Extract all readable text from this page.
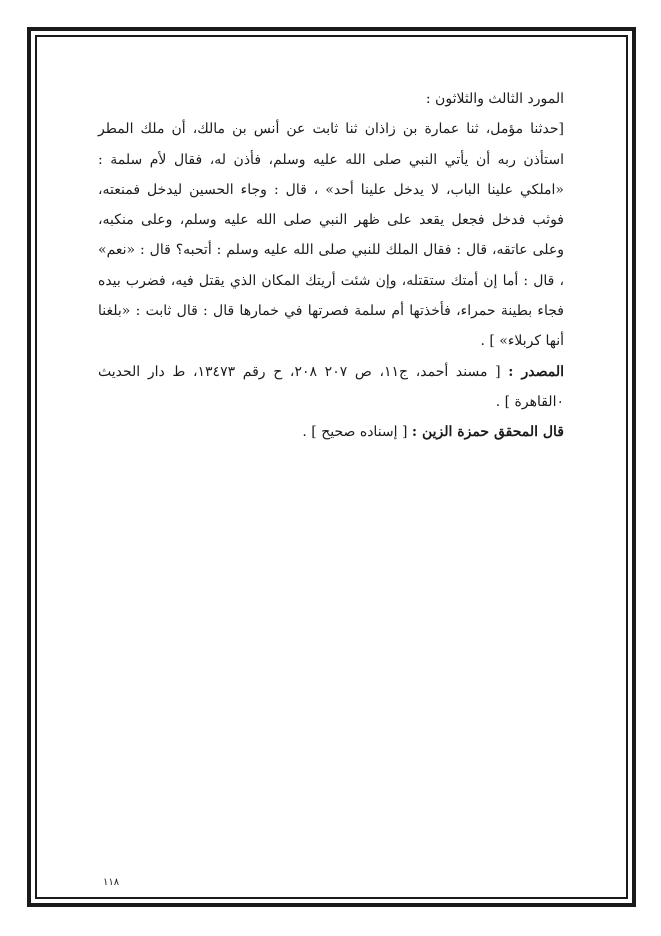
المورد الثالث والثلاثون :

[حدثنا مؤمل، ثنا عمارة بن زاذان ثنا ثابت عن أنس بن مالك، أن ملك المطر استأذن ربه أن يأتي النبي صلى الله عليه وسلم، فأذن له، فقال لأم سلمة : «املكي علينا الباب، لا يدخل علينا أحد» ، قال : وجاء الحسين ليدخل فمنعته، فوثب فدخل فجعل يقعد على ظهر النبي صلى الله عليه وسلم، وعلى منكبه، وعلى عاتقه، قال : فقال الملك للنبي صلى الله عليه وسلم : أتحبه؟ قال : «نعم» ، قال : أما إن أمتك ستقتله، وإن شئت أريتك المكان الذي يقتل فيه، فضرب بيده فجاء بطينة حمراء، فأخذتها أم سلمة فصرتها في خمارها قال : قال ثابت : «بلغنا أنها كربلاء» ] .

المصدر : [ مسند أحمد، ج١١، ص ٢٠٧ ٢٠٨، ح رقم ١٣٤٧٣، ط دار الحديث ٠القاهرة ] .

قال المحقق حمزة الزين : [ إسناده صحيح ] .

١١٨
